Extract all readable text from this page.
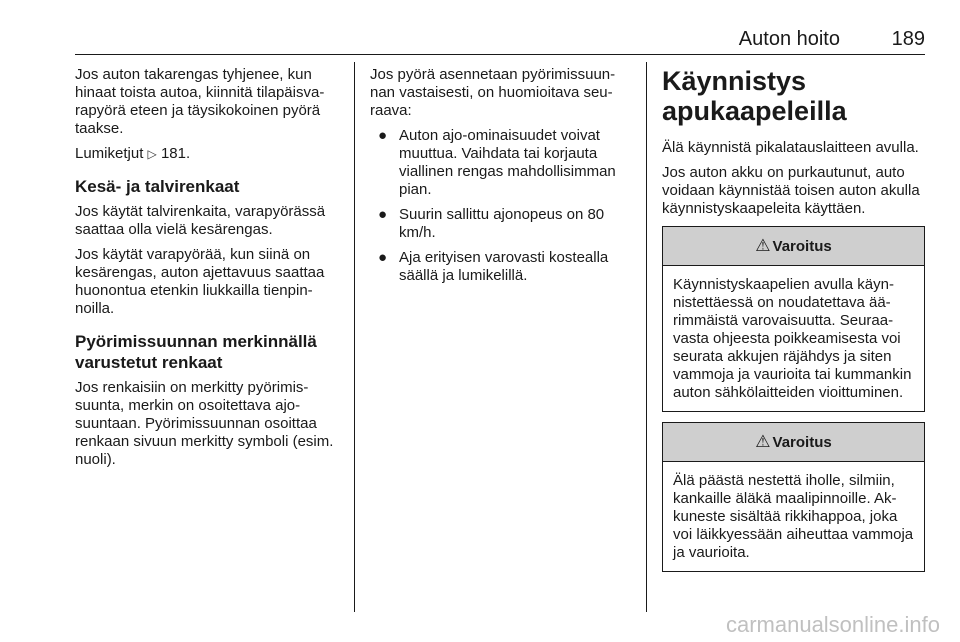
Auton hoito	189

Jos auton takarengas tyhjenee, kun hinaat toista autoa, kiinnitä tilapäisvarapyörä eteen ja täysikokoinen pyörä taakse.

Lumiketjut ▷ 181.

Kesä- ja talvirenkaat

Jos käytät talvirenkaita, varapyörässä saattaa olla vielä kesärengas.

Jos käytät varapyörää, kun siinä on kesärengas, auton ajettavuus saattaa huonontua etenkin liukkailla tienpinnoilla.

Pyörimissuunnan merkinnällä varustetut renkaat

Jos renkaisiin on merkitty pyörimissuunta, merkin on osoitettava ajosuuntaan. Pyörimissuunnan osoittaa renkaan sivuun merkitty symboli (esim. nuoli).

Jos pyörä asennetaan pyörimissuunnan vastaisesti, on huomioitava seuraava:

● Auton ajo-ominaisuudet voivat muuttua. Vaihdata tai korjauta viallinen rengas mahdollisimman pian.
● Suurin sallittu ajonopeus on 80 km/h.
● Aja erityisen varovasti kostealla säällä ja lumikelillä.
Käynnistys apukaapeleilla

Älä käynnistä pikalatauslaitteen avulla.

Jos auton akku on purkautunut, auto voidaan käynnistää toisen auton akulla käynnistyskaapeleita käyttäen.

⚠ Varoitus
Käynnistyskaapelien avulla käynnistettäessä on noudatettava äärimmäistä varovaisuutta. Seuraavasta ohjeesta poikkeamisesta voi seurata akkujen räjähdys ja siten vammoja ja vaurioita tai kummankin auton sähkölaitteiden vioittuminen.
⚠ Varoitus
Älä päästä nestettä iholle, silmiin, kankaille äläkä maalipinnoille. Akkuneste sisältää rikkihappoa, joka voi läikkyessään aiheuttaa vammoja ja vaurioita.
carmanualsonline.info
